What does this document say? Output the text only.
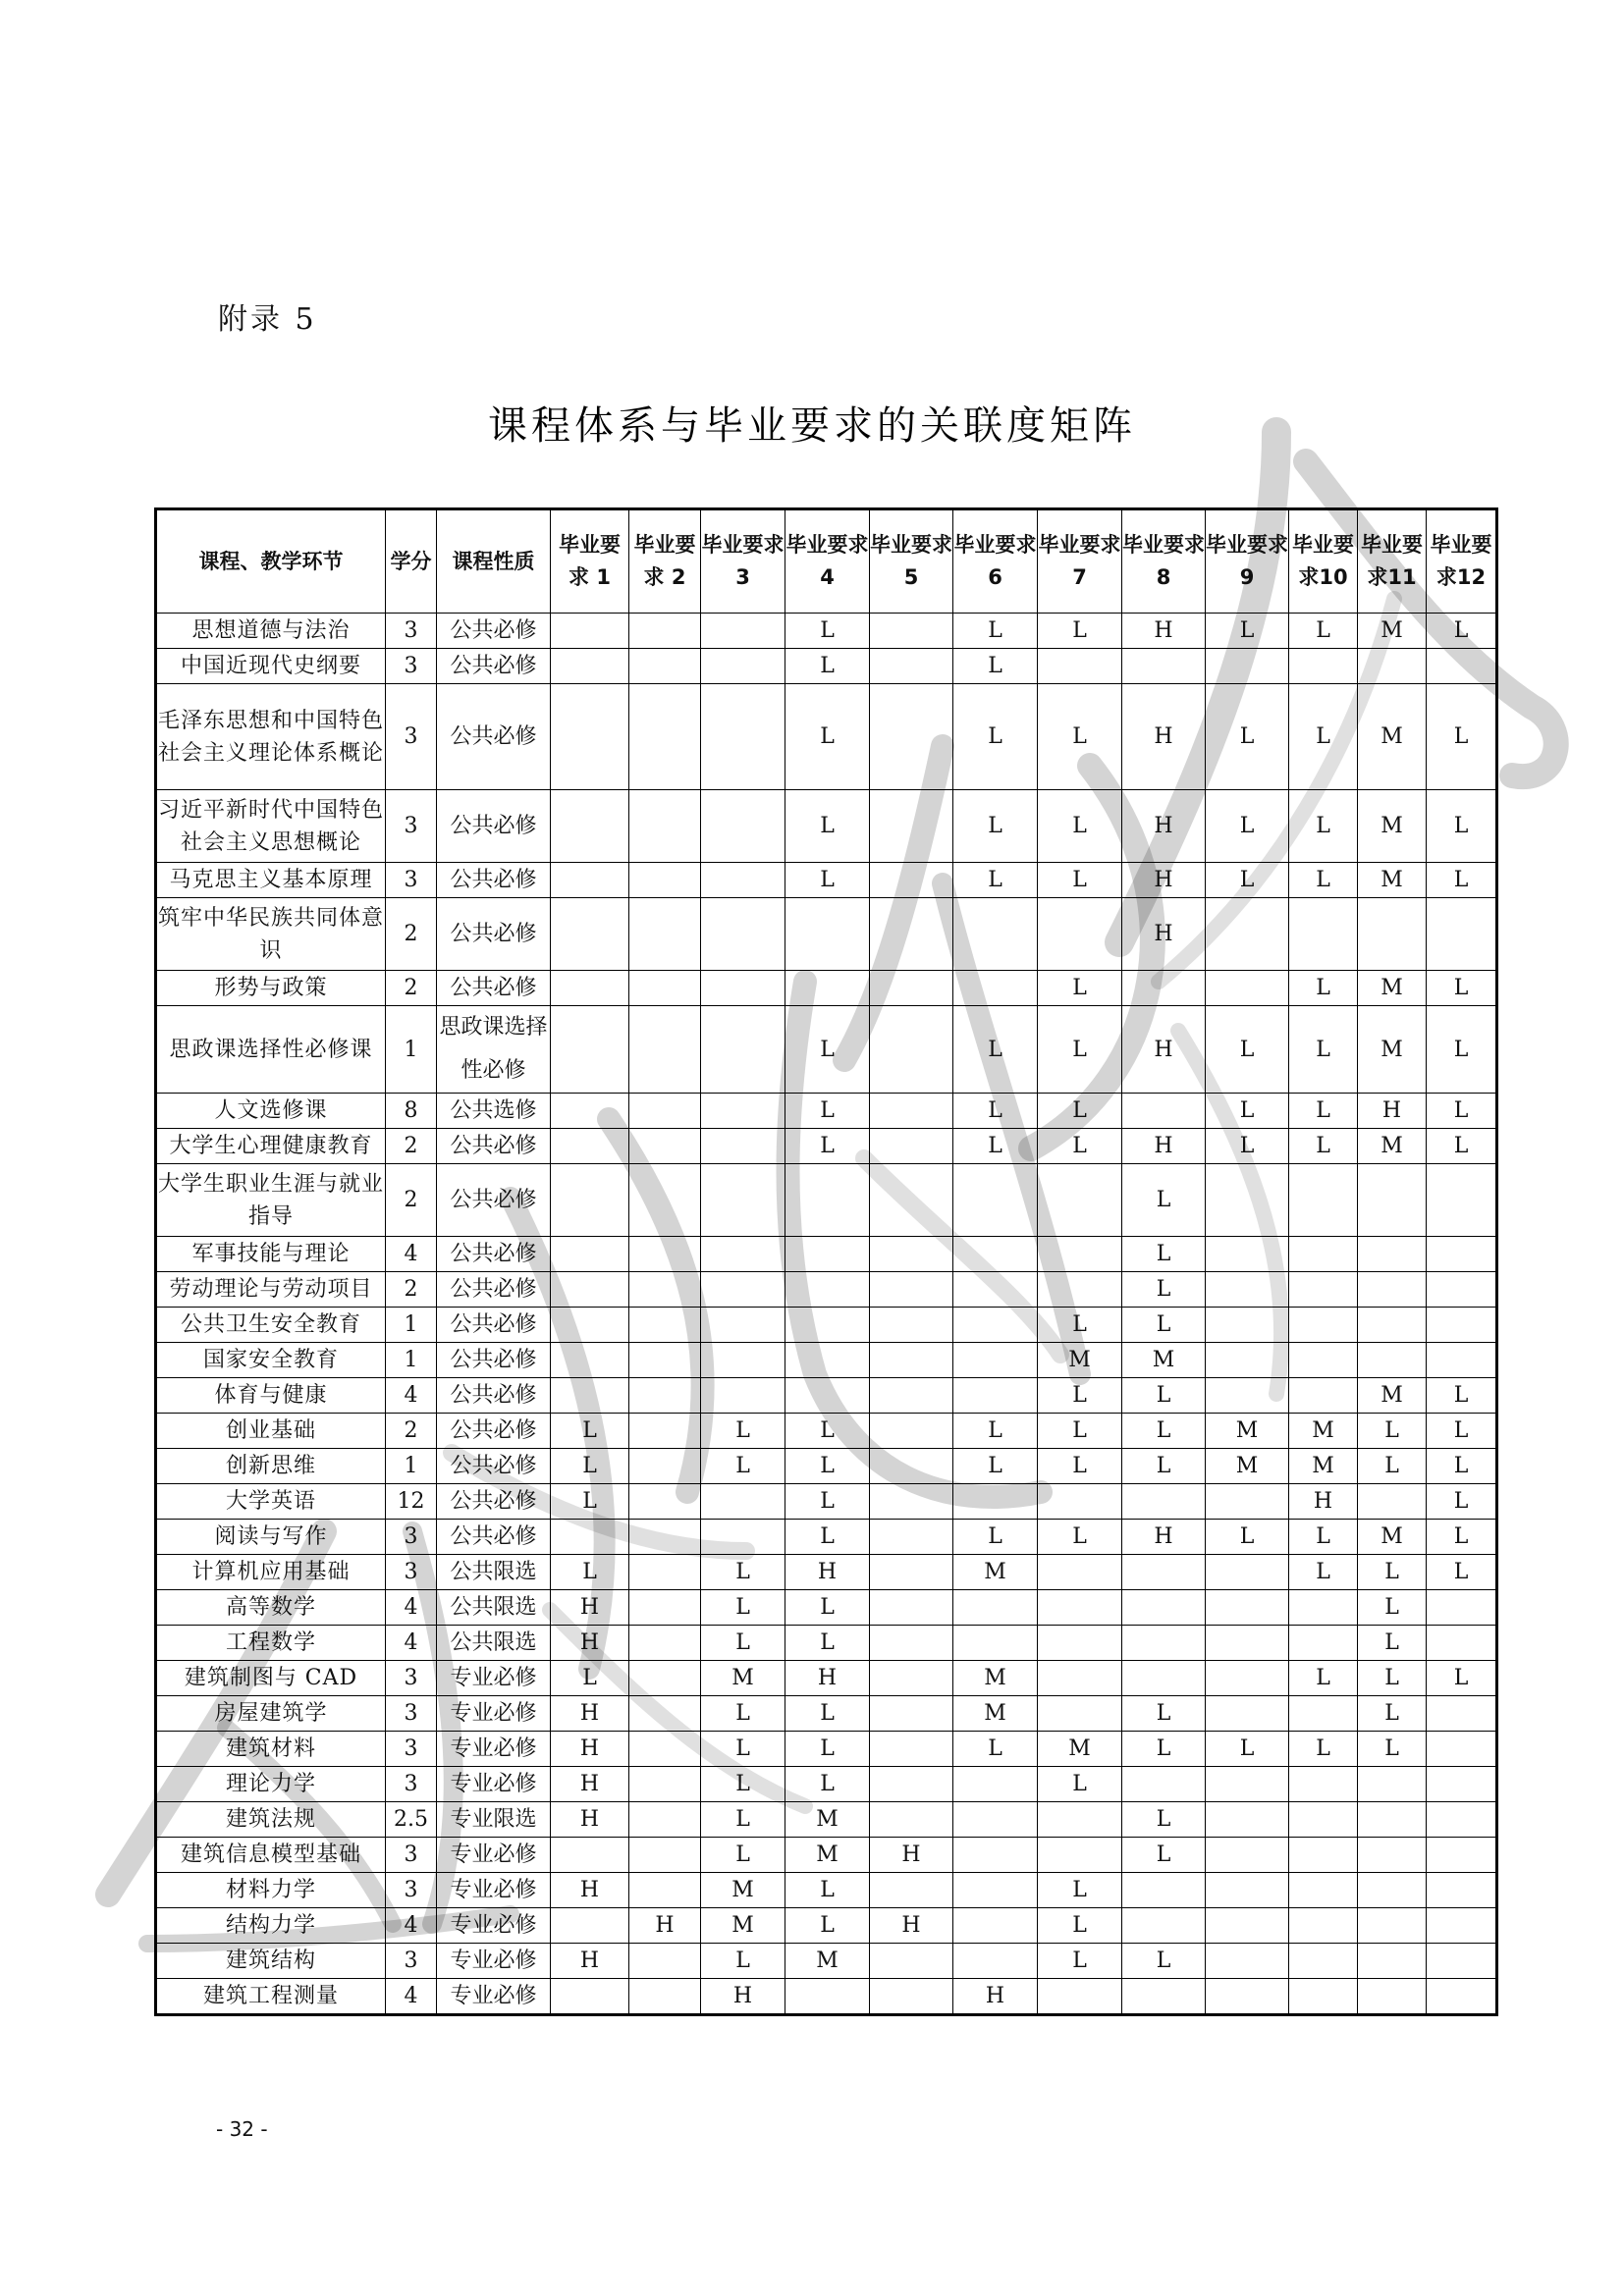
附录 5
课程体系与毕业要求的关联度矩阵
课程、教学环节	学分	课程性质	毕业要求 1	毕业要求 2	毕业要求 3	毕业要求 4	毕业要求 5	毕业要求 6	毕业要求 7	毕业要求 8	毕业要求 9	毕业要求10	毕业要求11	毕业要求12
思想道德与法治	3	公共必修				L		L	L	H	L	L	M	L
中国近现代史纲要	3	公共必修				L		L						
毛泽东思想和中国特色社会主义理论体系概论	3	公共必修				L		L	L	H	L	L	M	L
习近平新时代中国特色社会主义思想概论	3	公共必修				L		L	L	H	L	L	M	L
马克思主义基本原理	3	公共必修				L		L	L	H	L	L	M	L
筑牢中华民族共同体意识	2	公共必修								H				
形势与政策	2	公共必修							L			L	M	L
思政课选择性必修课	1	思政课选择性必修				L		L	L	H	L	L	M	L
人文选修课	8	公共选修				L		L	L		L	L	H	L
大学生心理健康教育	2	公共必修				L		L	L	H	L	L	M	L
大学生职业生涯与就业指导	2	公共必修								L				
军事技能与理论	4	公共必修								L				
劳动理论与劳动项目	2	公共必修								L				
公共卫生安全教育	1	公共必修							L	L				
国家安全教育	1	公共必修							M	M				
体育与健康	4	公共必修							L	L			M	L
创业基础	2	公共必修	L		L	L		L	L	L	M	M	L	L
创新思维	1	公共必修	L		L	L		L	L	L	M	M	L	L
大学英语	12	公共必修	L			L						H		L
阅读与写作	3	公共必修				L		L	L	H	L	L	M	L
计算机应用基础	3	公共限选	L		L	H		M				L	L	L
高等数学	4	公共限选	H		L	L							L	
工程数学	4	公共限选	H		L	L							L	
建筑制图与 CAD	3	专业必修	L		M	H		M				L	L	L
房屋建筑学	3	专业必修	H		L	L		M		L			L	
建筑材料	3	专业必修	H		L	L		L	M	L	L	L	L	
理论力学	3	专业必修	H		L	L			L					
建筑法规	2.5	专业限选	H		L	M				L				
建筑信息模型基础	3	专业必修			L	M	H			L				
材料力学	3	专业必修	H		M	L			L					
结构力学	4	专业必修		H	M	L	H		L					
建筑结构	3	专业必修	H		L	M			L	L				
建筑工程测量	4	专业必修			H			H						
- 32 -
